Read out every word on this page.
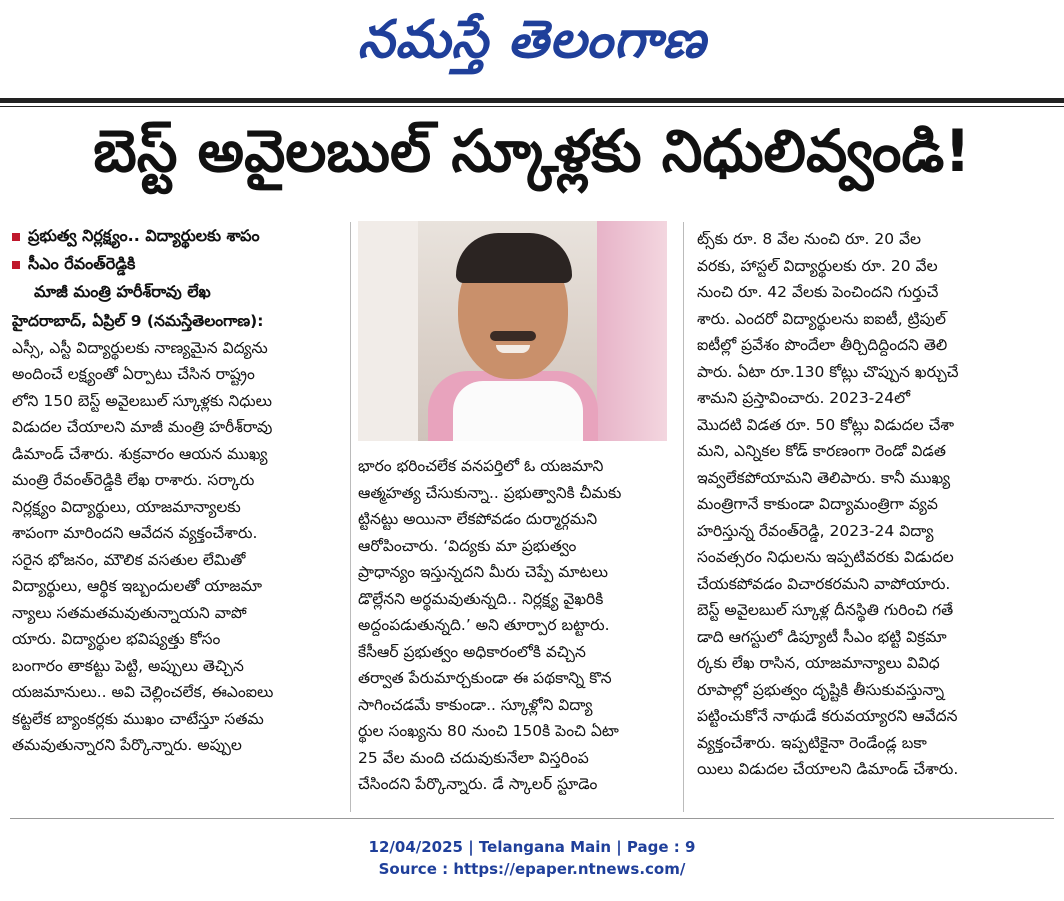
నమస్తే తెలంగాణ
బెస్ట్ అవైలబుల్ స్కూళ్లకు నిధులివ్వండి!
ప్రభుత్వ నిర్లక్ష్యం.. విద్యార్థులకు శాపం
సీఎం రేవంత్‌రెడ్డికి
మాజీ మంత్రి హరీశ్‌రావు లేఖ
హైదరాబాద్, ఏప్రిల్ 9 (నమస్తేతెలంగాణ):
ఎస్సీ, ఎస్టీ విద్యార్థులకు నాణ్యమైన విద్యను
అందించే లక్ష్యంతో ఏర్పాటు చేసిన రాష్ట్రం
లోని 150 బెస్ట్ అవైలబుల్ స్కూళ్లకు నిధులు
విడుదల చేయాలని మాజీ మంత్రి హరీశ్‌రావు
డిమాండ్ చేశారు. శుక్రవారం ఆయన ముఖ్య
మంత్రి రేవంత్‌రెడ్డికి లేఖ రాశారు. సర్కారు
నిర్లక్ష్యం విద్యార్థులు, యాజమాన్యాలకు
శాపంగా మారిందని ఆవేదన వ్యక్తంచేశారు.
సరైన భోజనం, మౌలిక వసతుల లేమితో
విద్యార్థులు, ఆర్థిక ఇబ్బందులతో యాజమా
న్యాలు సతమతమవుతున్నాయని వాపో
యారు. విద్యార్థుల భవిష్యత్తు కోసం
బంగారం తాకట్టు పెట్టి, అప్పులు తెచ్చిన
యజమానులు.. అవి చెల్లించలేక, ఈఎంఐలు
కట్టలేక బ్యాంకర్లకు ముఖం చాటేస్తూ సతమ
తమవుతున్నారని పేర్కొన్నారు. అప్పుల
భారం భరించలేక వనపర్తిలో ఓ యజమాని
ఆత్మహత్య చేసుకున్నా.. ప్రభుత్వానికి చీమకు
ట్టినట్టు అయినా లేకపోవడం దుర్మార్గమని
ఆరోపించారు. ‘విద్యకు మా ప్రభుత్వం
ప్రాధాన్యం ఇస్తున్నదని మీరు చెప్పే మాటలు
డొల్లేనని అర్థమవుతున్నది.. నిర్లక్ష్య వైఖరికి
అద్దంపడుతున్నది.’ అని తూర్పార బట్టారు.
కేసీఆర్ ప్రభుత్వం అధికారంలోకి వచ్చిన
తర్వాత పేరుమార్చకుండా ఈ పథకాన్ని కొన
సాగించడమే కాకుండా.. స్కూళ్లోని విద్యా
ర్థుల సంఖ్యను 80 నుంచి 150కి పెంచి ఏటా
25 వేల మంది చదువుకునేలా విస్తరింప
చేసిందని పేర్కొన్నారు. డే స్కాలర్ స్టూడెం
ట్స్‌కు రూ. 8 వేల నుంచి రూ. 20 వేల
వరకు, హాస్టల్ విద్యార్థులకు రూ. 20 వేల
నుంచి రూ. 42 వేలకు పెంచిందని గుర్తుచే
శారు. ఎందరో విద్యార్థులను ఐఐటీ, ట్రిపుల్
ఐటీల్లో ప్రవేశం పొందేలా తీర్చిదిద్దిందని తెలి
పారు. ఏటా రూ.130 కోట్లు చొప్పున ఖర్చుచే
శామని ప్రస్తావించారు. 2023-24లో
మొదటి విడత రూ. 50 కోట్లు విడుదల చేశా
మని, ఎన్నికల కోడ్ కారణంగా రెండో విడత
ఇవ్వలేకపోయామని తెలిపారు. కానీ ముఖ్య
మంత్రిగానే కాకుండా విద్యామంత్రిగా వ్యవ
హరిస్తున్న రేవంత్‌రెడ్డి, 2023-24 విద్యా
సంవత్సరం నిధులను ఇప్పటివరకు విడుదల
చేయకపోవడం విచారకరమని వాపోయారు.
బెస్ట్ అవైలబుల్ స్కూళ్ల దీనస్థితి గురించి గతే
డాది ఆగస్టులో డిప్యూటీ సీఎం భట్టి విక్రమా
ర్కకు లేఖ రాసిన, యాజమాన్యాలు వివిధ
రూపాల్లో ప్రభుత్వం దృష్టికి తీసుకువస్తున్నా
పట్టించుకోనే నాథుడే కరువయ్యారని ఆవేదన
వ్యక్తంచేశారు. ఇప్పటికైనా రెండేండ్ల బకా
యిలు విడుదల చేయాలని డిమాండ్ చేశారు.
12/04/2025 | Telangana Main | Page : 9
Source : https://epaper.ntnews.com/
